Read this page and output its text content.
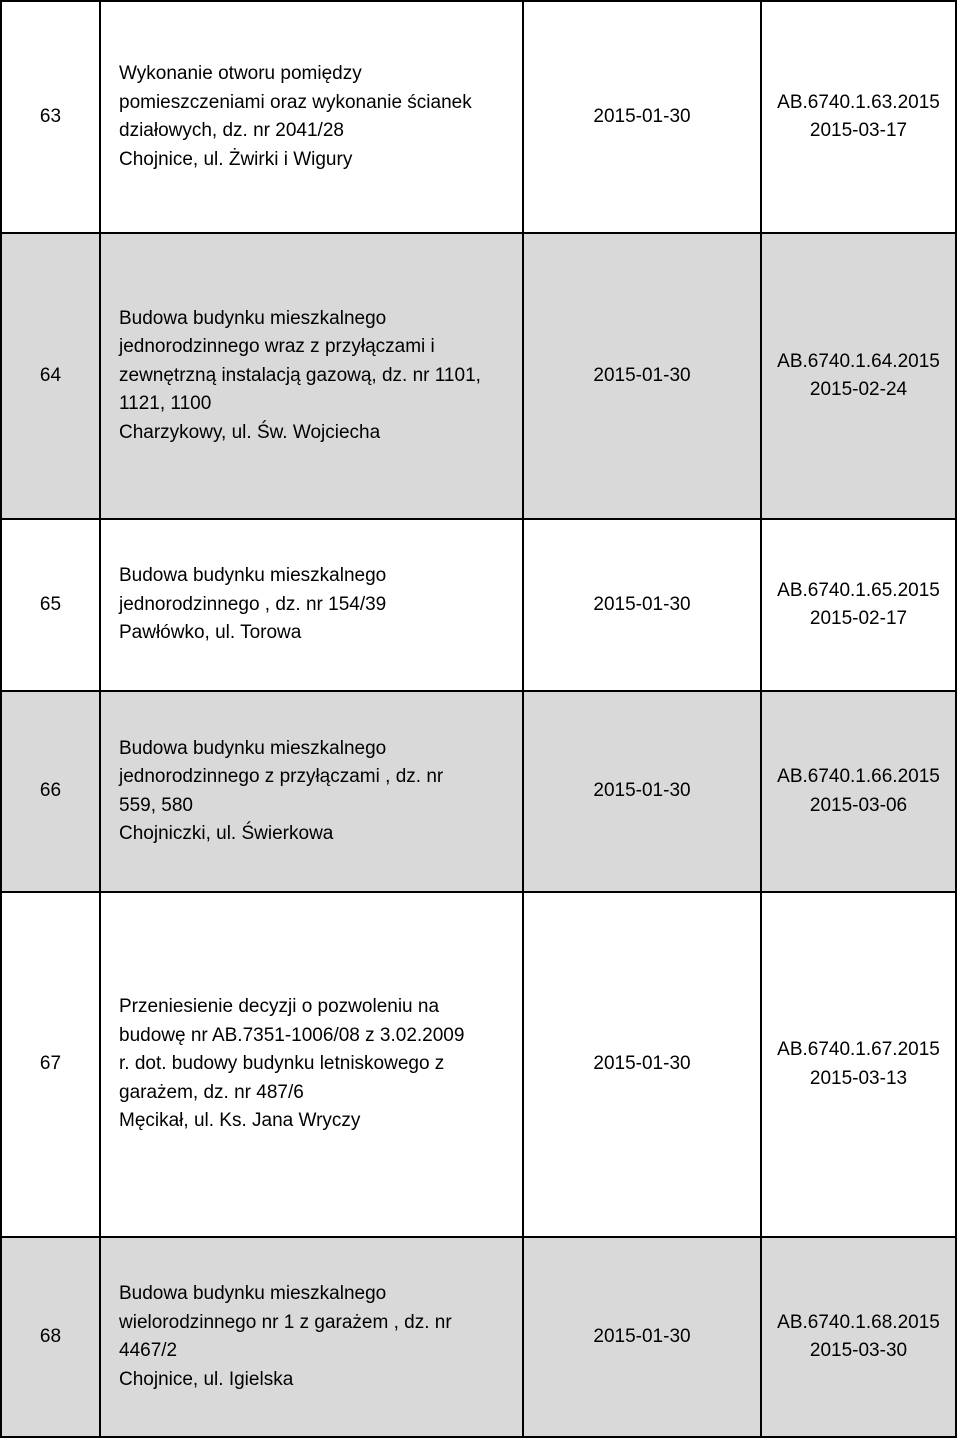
63	Wykonanie otworu pomiędzy
pomieszczeniami oraz wykonanie ścianek
działowych, dz. nr 2041/28
Chojnice, ul. Żwirki i Wigury	2015-01-30	AB.6740.1.63.2015
2015-03-17

64	Budowa budynku mieszkalnego
jednorodzinnego wraz z przyłączami i
zewnętrzną instalacją gazową, dz. nr 1101,
1121, 1100
Charzykowy, ul. Św. Wojciecha	2015-01-30	AB.6740.1.64.2015
2015-02-24

65	Budowa budynku mieszkalnego
jednorodzinnego , dz. nr 154/39
Pawłówko, ul. Torowa	2015-01-30	AB.6740.1.65.2015
2015-02-17

66	Budowa budynku mieszkalnego
jednorodzinnego z przyłączami , dz. nr
559, 580
Chojniczki, ul. Świerkowa	2015-01-30	AB.6740.1.66.2015
2015-03-06

67	Przeniesienie decyzji o pozwoleniu na
budowę nr AB.7351-1006/08 z 3.02.2009
r. dot. budowy budynku letniskowego z
garażem, dz. nr 487/6
Męcikał, ul. Ks. Jana Wryczy	2015-01-30	AB.6740.1.67.2015
2015-03-13

68	Budowa budynku mieszkalnego
wielorodzinnego nr 1 z garażem , dz. nr
4467/2
Chojnice, ul. Igielska	2015-01-30	AB.6740.1.68.2015
2015-03-30
